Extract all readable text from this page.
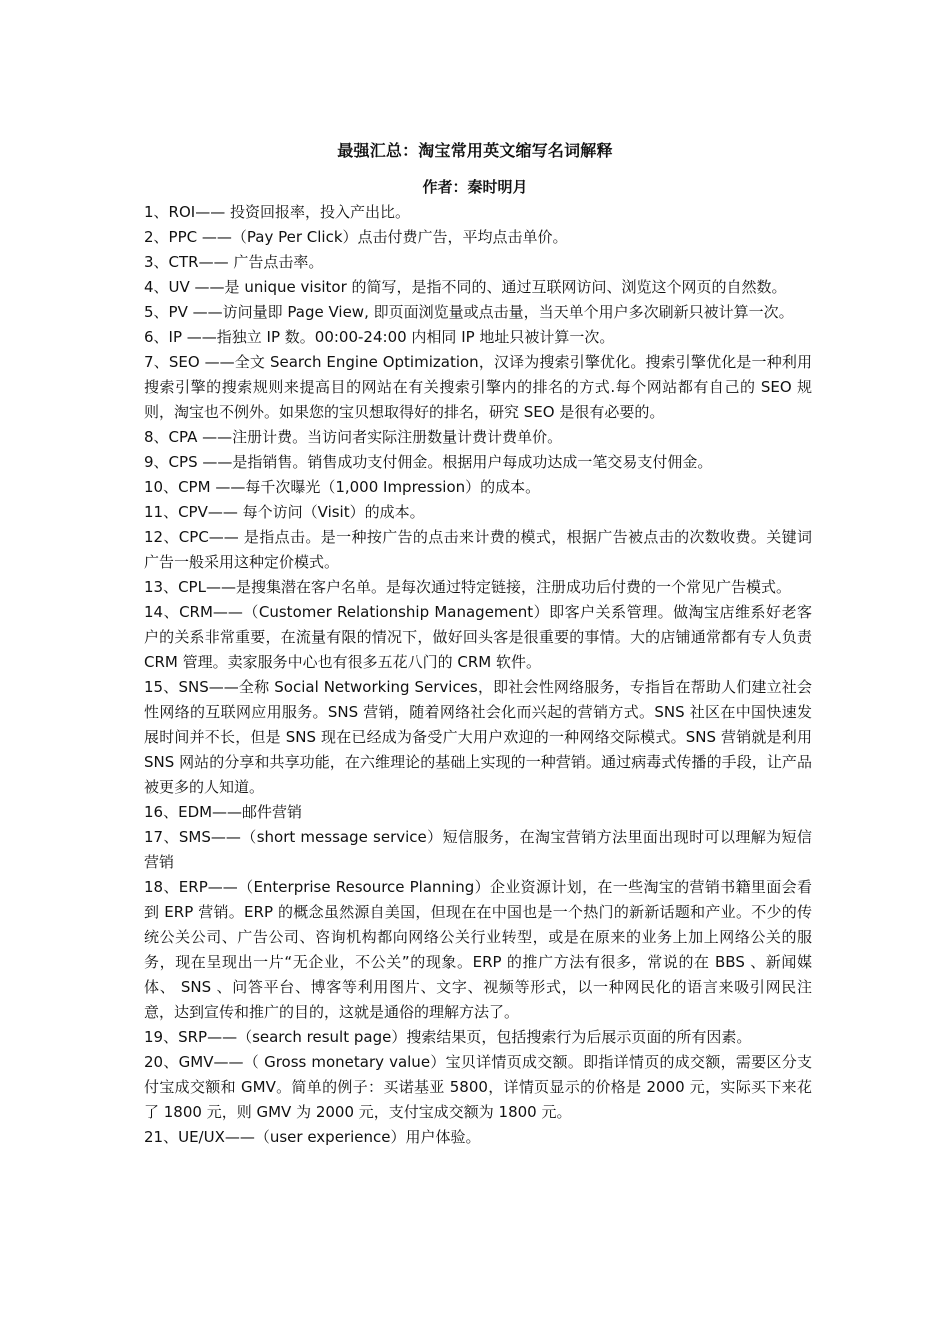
最强汇总：淘宝常用英文缩写名词解释
作者：秦时明月

1、ROI—— 投资回报率，投入产出比。

2、PPC ——（Pay Per Click）点击付费广告，平均点击单价。

3、CTR—— 广告点击率。

4、UV ——是 unique visitor 的简写，是指不同的、通过互联网访问、浏览这个网页的自然数。

5、PV ——访问量即 Page View, 即页面浏览量或点击量，当天单个用户多次刷新只被计算一次。

6、IP ——指独立 IP 数。00:00-24:00 内相同 IP 地址只被计算一次。

7、SEO ——全文 Search Engine Optimization，汉译为搜索引擎优化。搜索引擎优化是一种利用搜索引擎的搜索规则来提高目的网站在有关搜索引擎内的排名的方式.每个网站都有自己的 SEO 规则，淘宝也不例外。如果您的宝贝想取得好的排名，研究 SEO 是很有必要的。

8、CPA ——注册计费。当访问者实际注册数量计费计费单价。

9、CPS ——是指销售。销售成功支付佣金。根据用户每成功达成一笔交易支付佣金。

10、CPM ——每千次曝光（1,000 Impression）的成本。

11、CPV—— 每个访问（Visit）的成本。

12、CPC—— 是指点击。是一种按广告的点击来计费的模式，根据广告被点击的次数收费。关键词广告一般采用这种定价模式。

13、CPL——是搜集潜在客户名单。是每次通过特定链接，注册成功后付费的一个常见广告模式。

14、CRM——（Customer Relationship Management）即客户关系管理。做淘宝店维系好老客户的关系非常重要，在流量有限的情况下，做好回头客是很重要的事情。大的店铺通常都有专人负责 CRM 管理。卖家服务中心也有很多五花八门的 CRM 软件。

15、SNS——全称 Social Networking Services，即社会性网络服务，专指旨在帮助人们建立社会性网络的互联网应用服务。SNS 营销，随着网络社会化而兴起的营销方式。SNS 社区在中国快速发展时间并不长，但是 SNS 现在已经成为备受广大用户欢迎的一种网络交际模式。SNS 营销就是利用 SNS 网站的分享和共享功能，在六维理论的基础上实现的一种营销。通过病毒式传播的手段，让产品被更多的人知道。

16、EDM——邮件营销

17、SMS——（short message service）短信服务，在淘宝营销方法里面出现时可以理解为短信营销

18、ERP——（Enterprise Resource Planning）企业资源计划，在一些淘宝的营销书籍里面会看到 ERP 营销。ERP 的概念虽然源自美国，但现在在中国也是一个热门的新新话题和产业。不少的传统公关公司、广告公司、咨询机构都向网络公关行业转型，或是在原来的业务上加上网络公关的服务，现在呈现出一片“无企业，不公关”的现象。ERP 的推广方法有很多，常说的在 BBS 、新闻媒体、 SNS 、问答平台、博客等利用图片、文字、视频等形式，以一种网民化的语言来吸引网民注意，达到宣传和推广的目的，这就是通俗的理解方法了。

19、SRP——（search result page）搜索结果页，包括搜索行为后展示页面的所有因素。

20、GMV——（ Gross monetary value）宝贝详情页成交额。即指详情页的成交额，需要区分支付宝成交额和 GMV。简单的例子：买诺基亚 5800，详情页显示的价格是 2000 元，实际买下来花了 1800 元，则 GMV 为 2000 元，支付宝成交额为 1800 元。

21、UE/UX——（user experience）用户体验。
